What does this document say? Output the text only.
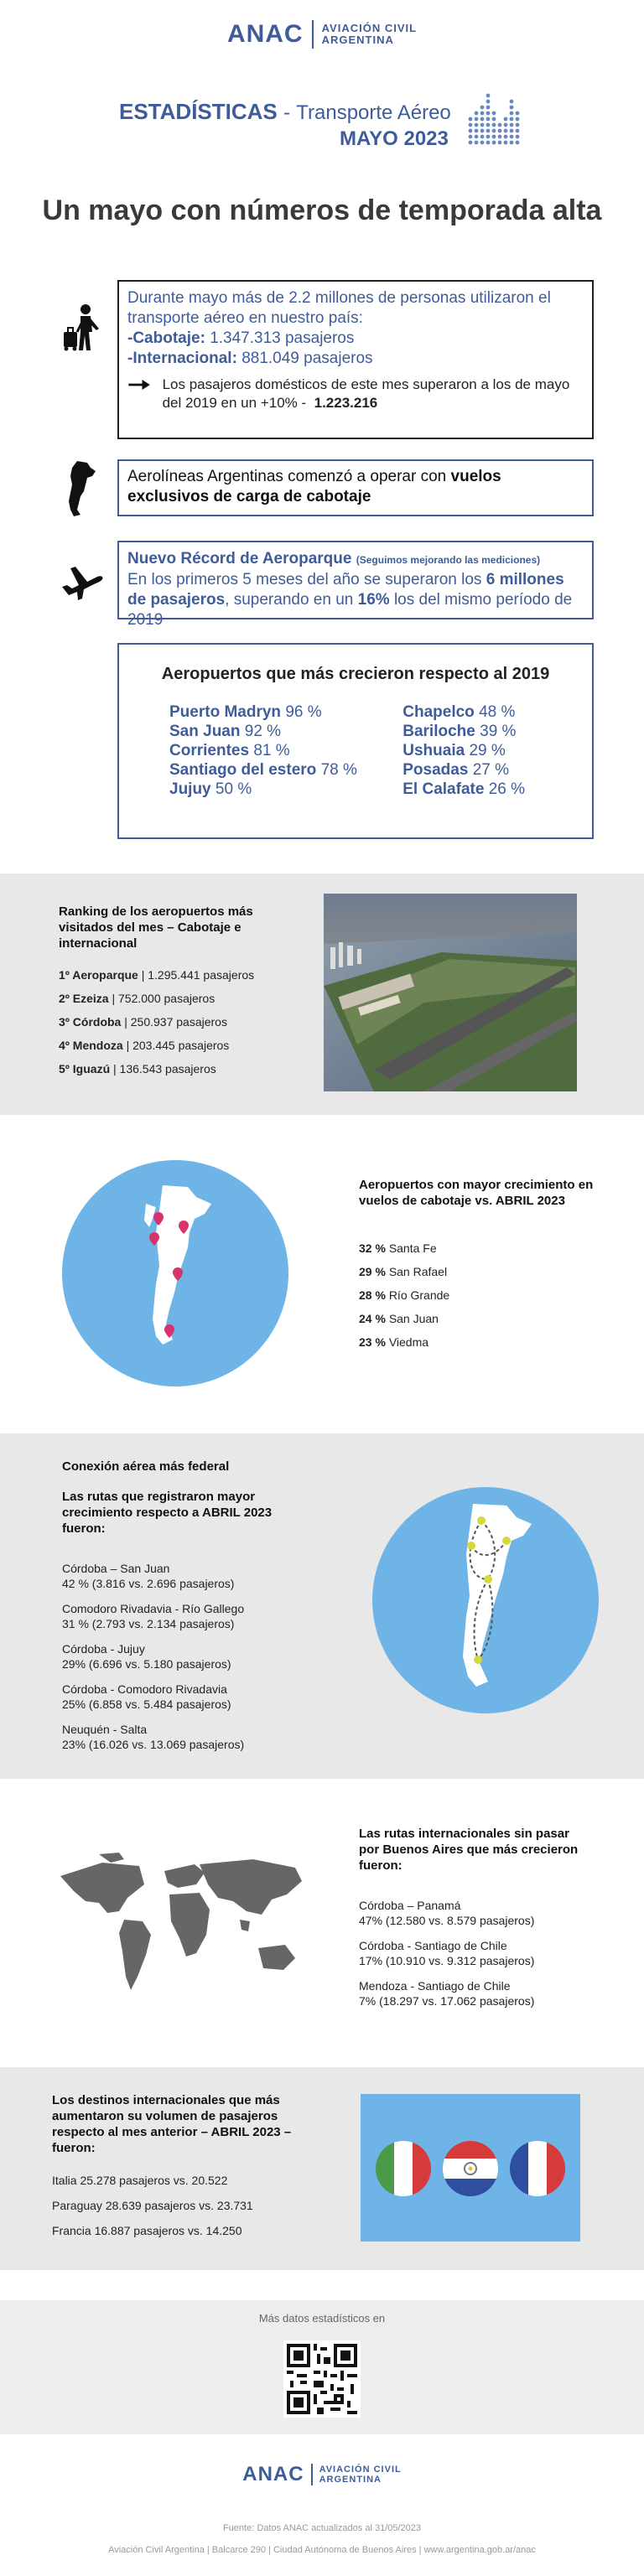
ANAC AVIACIÓN CIVIL
ARGENTINA
ESTADÍSTICAS - Transporte Aéreo
MAYO 2023
Un mayo con números de temporada alta
Durante mayo más de 2.2 millones de personas utilizaron el transporte aéreo en nuestro país:
-Cabotaje: 1.347.313 pasajeros
-Internacional: 881.049 pasajeros
Los pasajeros domésticos de este mes superaron a los de mayo del 2019 en un +10% - 1.223.216
Aerolíneas Argentinas comenzó a operar con vuelos exclusivos de carga de cabotaje
Nuevo Récord de Aeroparque (Seguimos mejorando las mediciones)
En los primeros 5 meses del año se superaron los 6 millones de pasajeros, superando en un 16% los del mismo período de 2019
Aeropuertos que más crecieron respecto al 2019
Puerto Madryn 96 %
San Juan 92 %
Corrientes 81 %
Santiago del estero 78 %
Jujuy 50 %
Chapelco 48 %
Bariloche 39 %
Ushuaia 29 %
Posadas 27 %
El Calafate 26 %
Ranking de los aeropuertos más visitados del mes – Cabotaje e internacional
1º Aeroparque | 1.295.441 pasajeros
2º Ezeiza | 752.000 pasajeros
3º Córdoba | 250.937 pasajeros
4º Mendoza | 203.445 pasajeros
5º Iguazú | 136.543 pasajeros
Aeropuertos con mayor crecimiento en vuelos de cabotaje vs. ABRIL 2023
32 % Santa Fe
29 % San Rafael
28 % Río Grande
24 % San Juan
23 % Viedma
Conexión aérea más federal
Las rutas que registraron mayor crecimiento respecto a ABRIL 2023 fueron:
Córdoba – San Juan
42 % (3.816 vs. 2.696 pasajeros)
Comodoro Rivadavia - Río Gallego
31 % (2.793 vs. 2.134 pasajeros)
Córdoba - Jujuy
29% (6.696 vs. 5.180 pasajeros)
Córdoba - Comodoro Rivadavia
25% (6.858 vs. 5.484 pasajeros)
Neuquén - Salta
23% (16.026 vs. 13.069 pasajeros)
Las rutas internacionales sin pasar por Buenos Aires que más crecieron fueron:
Córdoba – Panamá
47% (12.580 vs. 8.579 pasajeros)
Córdoba - Santiago de Chile
17% (10.910 vs. 9.312 pasajeros)
Mendoza - Santiago de Chile
7% (18.297 vs. 17.062 pasajeros)
Los destinos internacionales que más aumentaron su volumen de pasajeros respecto al mes anterior – ABRIL 2023 – fueron:
Italia 25.278 pasajeros vs. 20.522
Paraguay 28.639 pasajeros vs. 23.731
Francia 16.887 pasajeros vs. 14.250
Más datos estadísticos en
ANAC AVIACIÓN CIVIL
ARGENTINA
Fuente: Datos ANAC actualizados al 31/05/2023
Aviación Civil Argentina | Balcarce 290 | Ciudad Autónoma de Buenos Aires | www.argentina.gob.ar/anac
